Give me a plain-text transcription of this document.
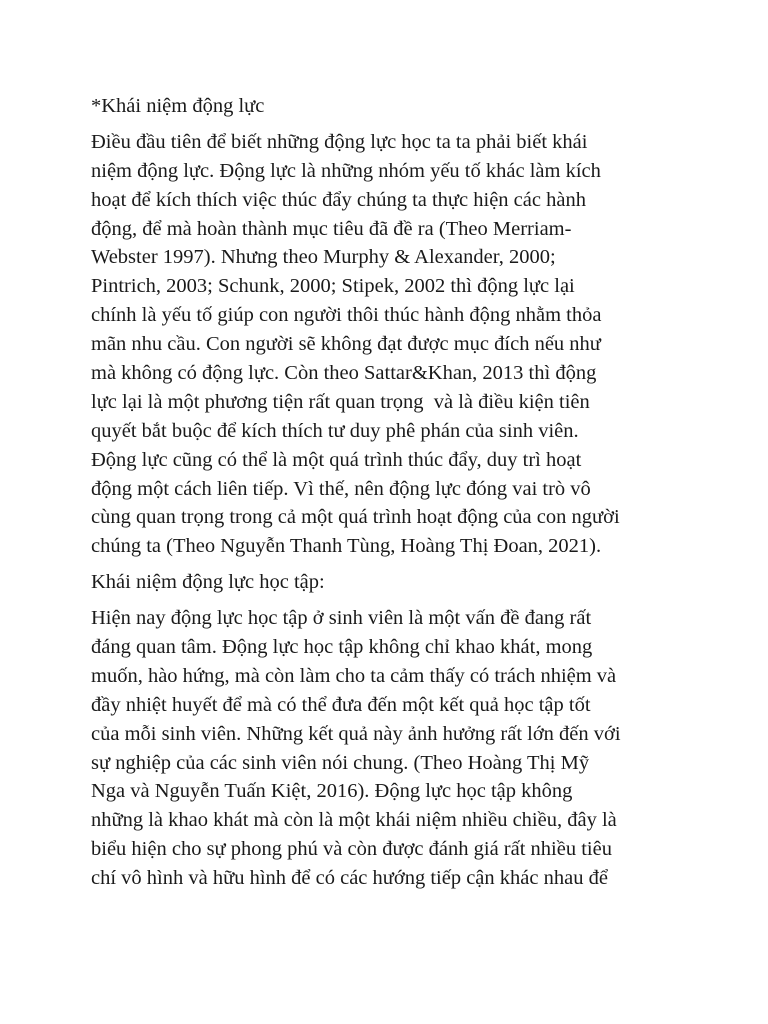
*Khái niệm động lực
Điều đầu tiên để biết những động lực học ta ta phải biết khái
niệm động lực. Động lực là những nhóm yếu tố khác làm kích
hoạt để kích thích việc thúc đẩy chúng ta thực hiện các hành
động, để mà hoàn thành mục tiêu đã đề ra (Theo Merriam-
Webster 1997). Nhưng theo Murphy & Alexander, 2000;
Pintrich, 2003; Schunk, 2000; Stipek, 2002 thì động lực lại
chính là yếu tố giúp con người thôi thúc hành động nhằm thỏa
mãn nhu cầu. Con người sẽ không đạt được mục đích nếu như
mà không có động lực. Còn theo Sattar&Khan, 2013 thì động
lực lại là một phương tiện rất quan trọng  và là điều kiện tiên
quyết bắt buộc để kích thích tư duy phê phán của sinh viên.
Động lực cũng có thể là một quá trình thúc đẩy, duy trì hoạt
động một cách liên tiếp. Vì thế, nên động lực đóng vai trò vô
cùng quan trọng trong cả một quá trình hoạt động của con người
chúng ta (Theo Nguyễn Thanh Tùng, Hoàng Thị Đoan, 2021).
Khái niệm động lực học tập:
Hiện nay động lực học tập ở sinh viên là một vấn đề đang rất
đáng quan tâm. Động lực học tập không chỉ khao khát, mong
muốn, hào hứng, mà còn làm cho ta cảm thấy có trách nhiệm và
đầy nhiệt huyết để mà có thể đưa đến một kết quả học tập tốt
của mỗi sinh viên. Những kết quả này ảnh hưởng rất lớn đến với
sự nghiệp của các sinh viên nói chung. (Theo Hoàng Thị Mỹ
Nga và Nguyễn Tuấn Kiệt, 2016). Động lực học tập không
những là khao khát mà còn là một khái niệm nhiều chiều, đây là
biểu hiện cho sự phong phú và còn được đánh giá rất nhiều tiêu
chí vô hình và hữu hình để có các hướng tiếp cận khác nhau để
